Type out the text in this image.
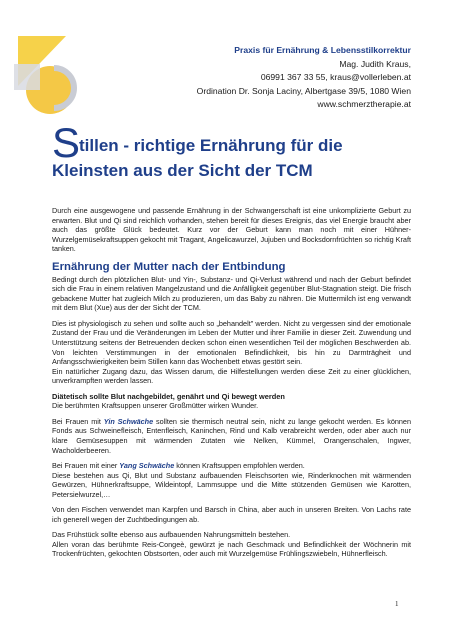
Praxis für Ernährung & Lebensstilkorrektur
Mag. Judith Kraus,
06991 367 33 55, kraus@vollerleben.at
Ordination Dr. Sonja Laciny, Albertgase 39/5, 1080 Wien
www.schmerztherapie.at
Stillen - richtige Ernährung für die
Kleinsten aus der Sicht der TCM

Durch eine ausgewogene und passende Ernährung in der Schwangerschaft ist eine unkomplizierte Geburt zu erwarten. Blut und Qi sind reichlich vorhanden, stehen bereit für dieses Ereignis, das viel Energie braucht aber auch das größte Glück bedeutet. Kurz vor der Geburt kann man noch mit einer Hühner-Wurzelgemüsekraftsuppen gekocht mit Tragant, Angelicawurzel, Jujuben und Bocksdornfrüchten so richtig Kraft tanken.

Ernährung der Mutter nach der Entbindung

Bedingt durch den plötzlichen Blut- und Yin-, Substanz- und Qi-Verlust während und nach der Geburt befindet sich die Frau in einem relativen Mangelzustand und die Anfälligkeit gegenüber Blut-Stagnation steigt. Die frisch gebackene Mutter hat zugleich Milch zu produzieren, um das Baby zu nähren. Die Muttermilch ist eng verwandt mit dem Blut (Xue) aus der der Sicht der TCM.

Dies ist physiologisch zu sehen und sollte auch so „behandelt" werden. Nicht zu vergessen sind der emotionale Zustand der Frau und die Veränderungen im Leben der Mutter und ihrer Familie in dieser Zeit. Zuwendung und Unterstützung seitens der Betreuenden decken schon einen wesentlichen Teil der möglichen Beschwerden ab. Von leichten Verstimmungen in der emotionalen Befindlichkeit, bis hin zu Darmträgheit und Anfangsschwierigkeiten beim Stillen kann das Wochenbett etwas gestört sein.

Ein natürlicher Zugang dazu, das Wissen darum, die Hilfestellungen werden diese Zeit zu einer glücklichen, unverkrampften werden lassen.

Diätetisch sollte Blut nachgebildet, genährt und Qi bewegt werden

Die berühmten Kraftsuppen unserer Großmütter wirken Wunder.

Bei Frauen mit Yin Schwäche sollten sie thermisch neutral sein, nicht zu lange gekocht werden. Es können Fonds aus Schweinefleisch, Entenfleisch, Kaninchen, Rind und Kalb verabreicht werden, oder aber auch nur klare Gemüsesuppen mit wärmenden Zutaten wie Nelken, Kümmel, Orangenschalen, Ingwer, Wacholderbeeren.

Bei Frauen mit einer Yang Schwäche können Kraftsuppen empfohlen werden.

Diese bestehen aus Qi, Blut und Substanz aufbauenden Fleischsorten wie, Rinderknochen mit wärmenden Gewürzen, Hühnerkraftsuppe, Wildeintopf, Lammsuppe und die Mitte stützenden Gemüsen wie Karotten, Petersielwurzel,…

Von den Fischen verwendet man Karpfen und Barsch in China, aber auch in unseren Breiten. Von Lachs rate ich generell wegen der Zuchtbedingungen ab.

Das Frühstück sollte ebenso aus aufbauenden Nahrungsmitteln bestehen.

Allen voran das berühmte Reis-Congeè, gewürzt je nach Geschmack und Befindlichkeit der Wöchnerin mit Trockenfrüchten, gekochten Obstsorten, oder auch mit Wurzelgemüse Frühlingszwiebeln, Hühnerfleisch.

1
